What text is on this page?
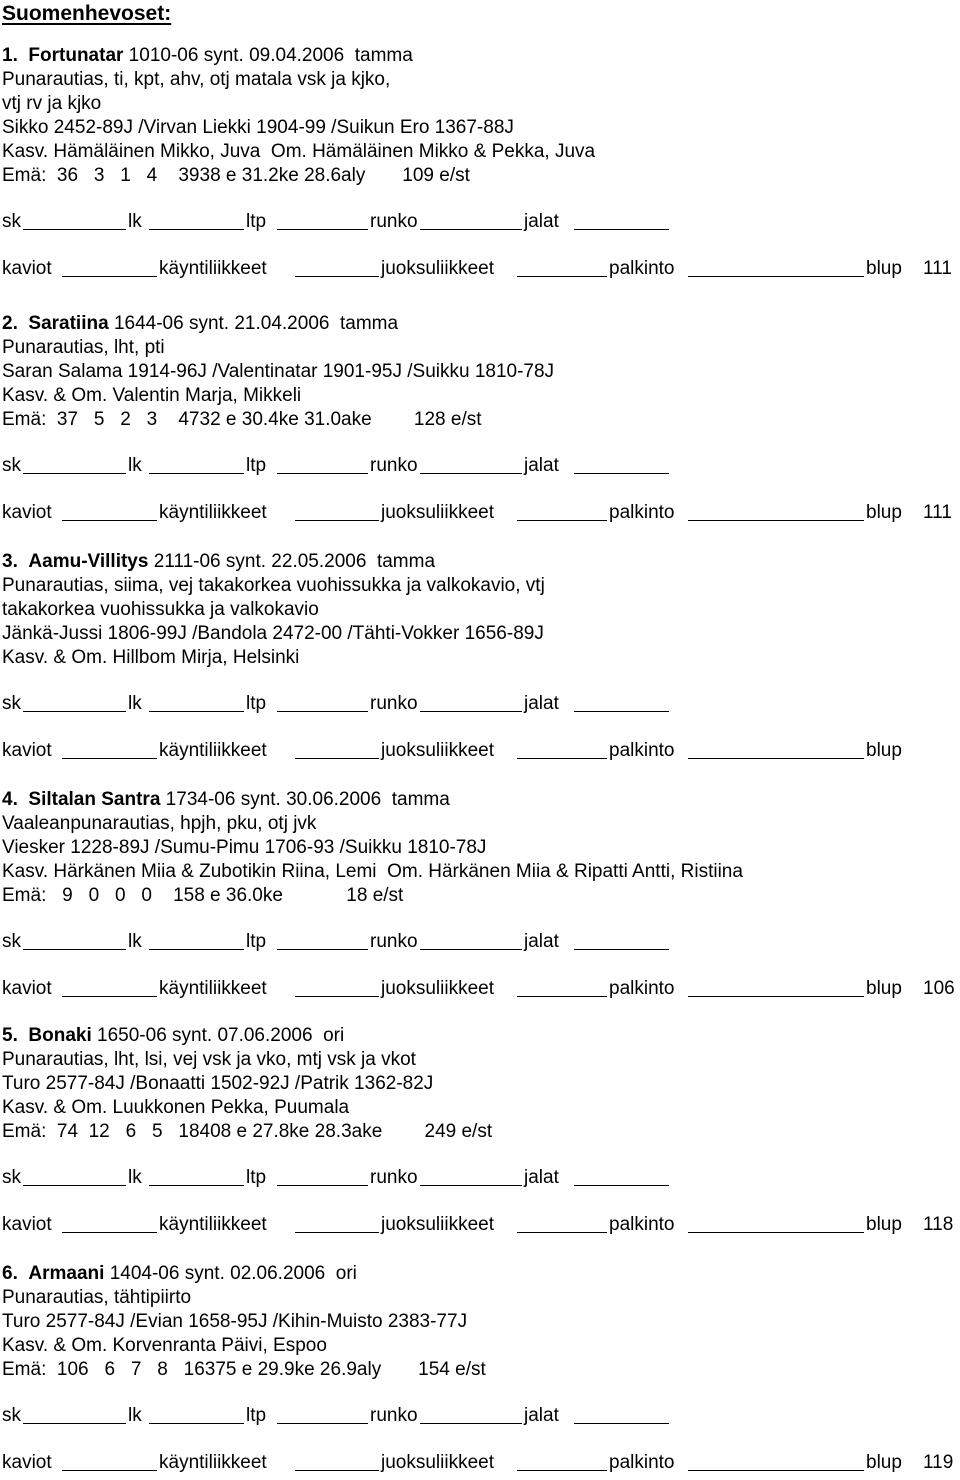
Suomenhevoset:
1.  Fortunatar 1010-06 synt. 09.04.2006  tamma
Punarautias, ti, kpt, ahv, otj matala vsk ja kjko,
vtj rv ja kjko
Sikko 2452-89J /Virvan Liekki 1904-99 /Suikun Ero 1367-88J
Kasv. Hämäläinen Mikko, Juva  Om. Hämäläinen Mikko & Pekka, Juva
Emä:  36   3   1   4    3938 e 31.2ke 28.6aly       109 e/st
sk	lk	ltp	runko	jalat
kaviot	käyntiliikkeet	juoksuliikkeet	palkinto	blup 111
2.  Saratiina 1644-06 synt. 21.04.2006  tamma
Punarautias, lht, pti
Saran Salama 1914-96J /Valentinatar 1901-95J /Suikku 1810-78J
Kasv. & Om. Valentin Marja, Mikkeli
Emä:  37   5   2   3    4732 e 30.4ke 31.0ake        128 e/st
sk	lk	ltp	runko	jalat
kaviot	käyntiliikkeet	juoksuliikkeet	palkinto	blup 111
3.  Aamu-Villitys 2111-06 synt. 22.05.2006  tamma
Punarautias, siima, vej takakorkea vuohissukka ja valkokavio, vtj
takakorkea vuohissukka ja valkokavio
Jänkä-Jussi 1806-99J /Bandola 2472-00 /Tähti-Vokker 1656-89J
Kasv. & Om. Hillbom Mirja, Helsinki
sk	lk	ltp	runko	jalat
kaviot	käyntiliikkeet	juoksuliikkeet	palkinto	blup
4.  Siltalan Santra 1734-06 synt. 30.06.2006  tamma
Vaaleanpunarautias, hpjh, pku, otj jvk
Viesker 1228-89J /Sumu-Pimu 1706-93 /Suikku 1810-78J
Kasv. Härkänen Miia & Zubotikin Riina, Lemi  Om. Härkänen Miia & Ripatti Antti, Ristiina
Emä:   9   0   0   0    158 e 36.0ke            18 e/st
sk	lk	ltp	runko	jalat
kaviot	käyntiliikkeet	juoksuliikkeet	palkinto	blup 106
5.  Bonaki 1650-06 synt. 07.06.2006  ori
Punarautias, lht, lsi, vej vsk ja vko, mtj vsk ja vkot
Turo 2577-84J /Bonaatti 1502-92J /Patrik 1362-82J
Kasv. & Om. Luukkonen Pekka, Puumala
Emä:  74  12   6   5   18408 e 27.8ke 28.3ake        249 e/st
sk	lk	ltp	runko	jalat
kaviot	käyntiliikkeet	juoksuliikkeet	palkinto	blup 118
6.  Armaani 1404-06 synt. 02.06.2006  ori
Punarautias, tähtipiirto
Turo 2577-84J /Evian 1658-95J /Kihin-Muisto 2383-77J
Kasv. & Om. Korvenranta Päivi, Espoo
Emä:  106   6   7   8   16375 e 29.9ke 26.9aly       154 e/st
sk	lk	ltp	runko	jalat
kaviot	käyntiliikkeet	juoksuliikkeet	palkinto	blup 119
